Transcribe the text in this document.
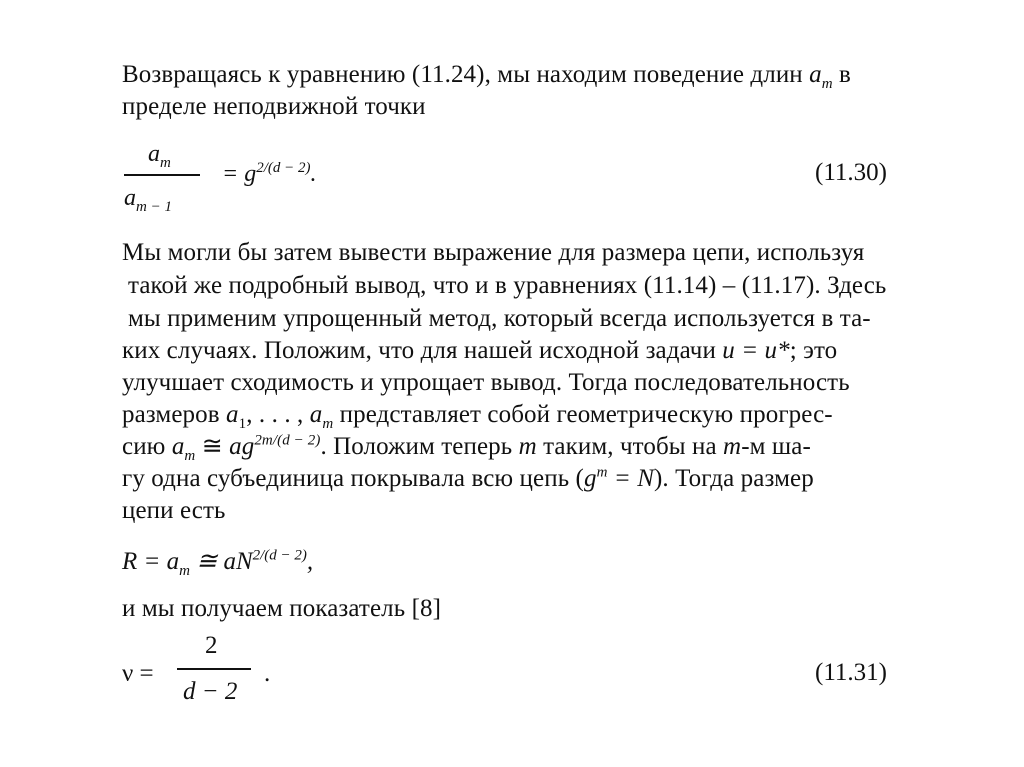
Возвращаясь к уравнению (11.24), мы находим поведение длин $a_m$ в
пределе неподвижной точки
$a_m$
$a_{m - 1}$
= $g^{2/(d - 2)}$.	(11.30)
Мы могли бы затем вывести выражение для размера цепи, используя
такой же подробный вывод, что и в уравнениях (11.14) – (11.17). Здесь
мы применим упрощенный метод, который всегда используется в та-
ких случаях. Положим, что для нашей исходной задачи u = u*; это
улучшает сходимость и упрощает вывод. Тогда последовательность
размеров $a_1$, . . . , $a_m$ представляет собой геометрическую прогрес-
сию $a_m$ ≅ $ag^{2m/(d - 2)}$. Положим теперь m таким, чтобы на m-м ша-
гу одна субъединица покрывала всю цепь $(g^m = N)$. Тогда размер
цепи есть
$R = a_m$ ≅ $aN^{2/(d - 2)}$,
и мы получаем показатель [8]
ν =
2
d − 2
.	(11.31)
